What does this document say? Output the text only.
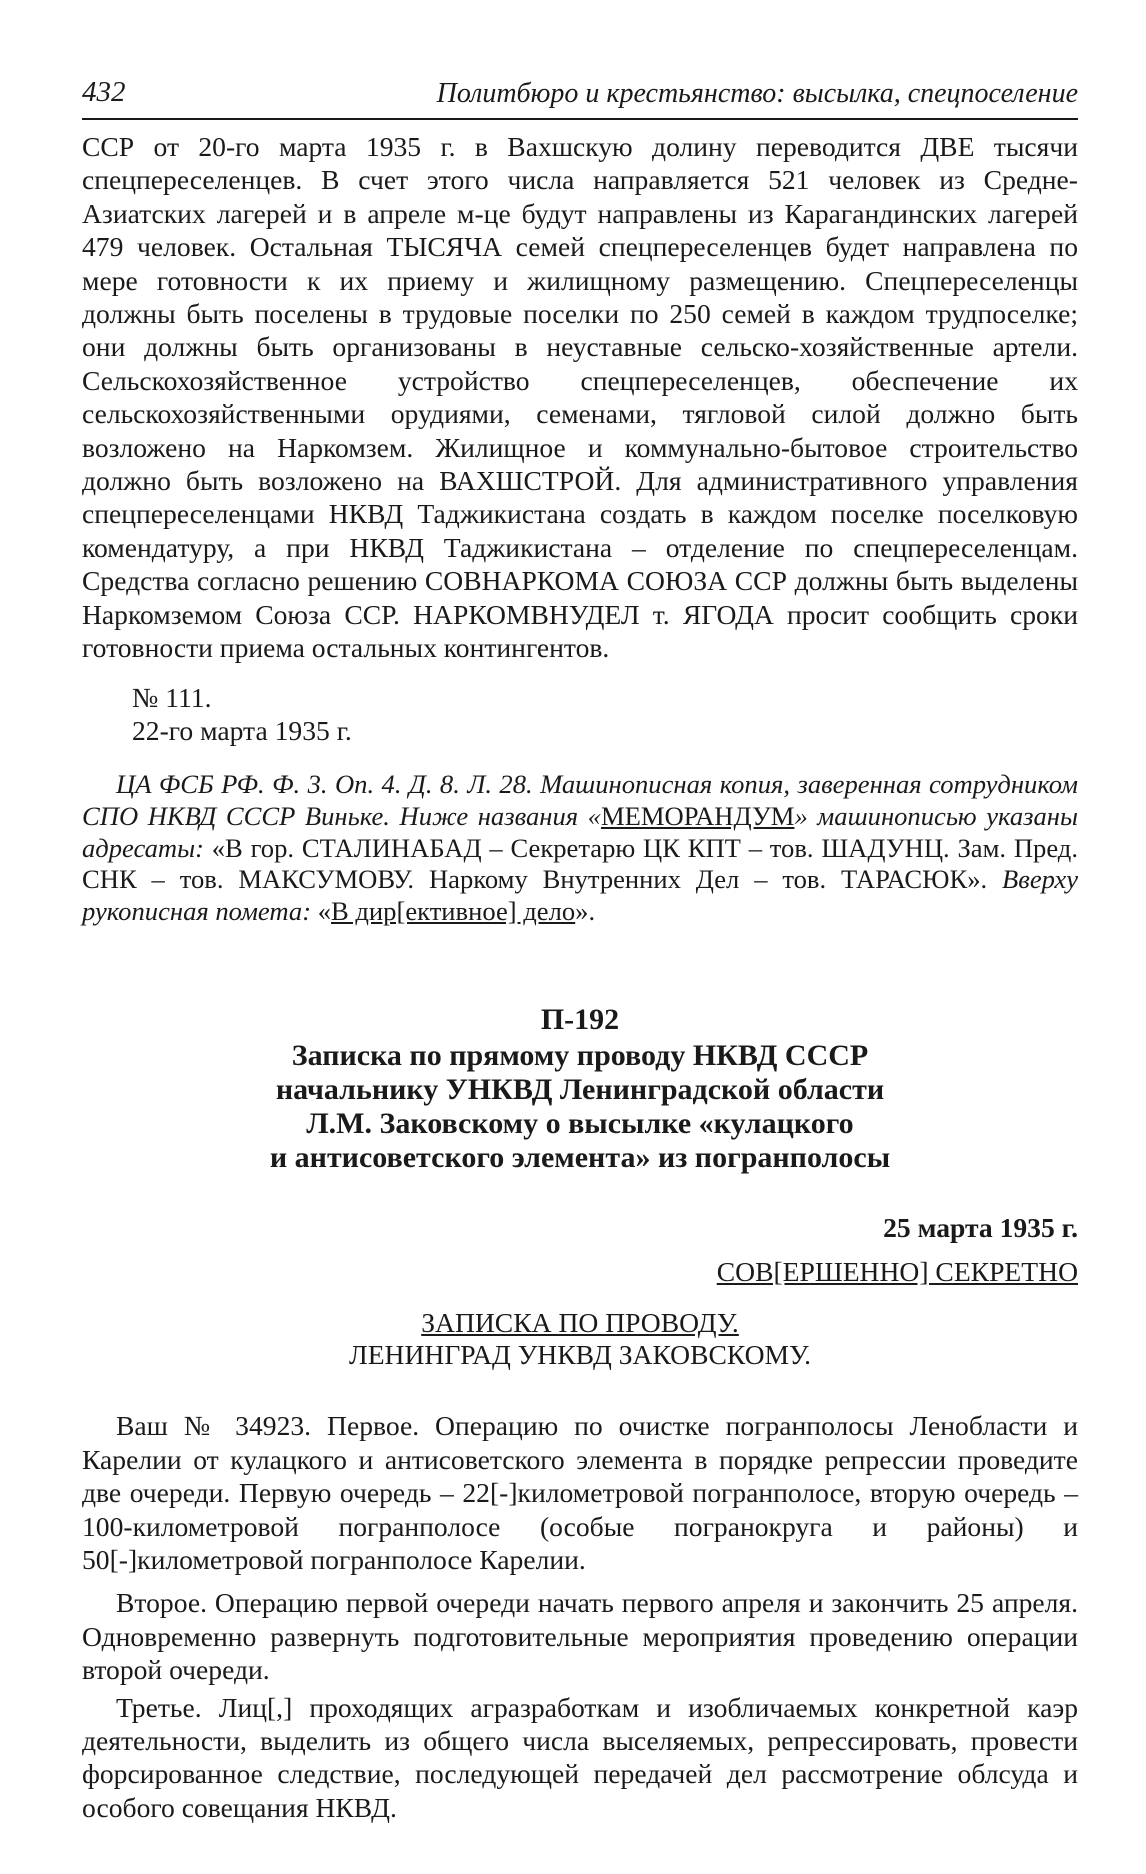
432	Политбюро и крестьянство: высылка, спецпоселение

ССР от 20-го марта 1935 г. в Вахшскую долину переводится ДВЕ тысячи спецпереселенцев. В счет этого числа направляется 521 человек из Средне-Азиатских лагерей и в апреле м-це будут направлены из Карагандинских лагерей 479 человек. Остальная ТЫСЯЧА семей спецпереселенцев будет направлена по мере готовности к их приему и жилищному размещению. Спецпереселенцы должны быть поселены в трудовые поселки по 250 семей в каждом трудпоселке; они должны быть организованы в неуставные сельско-хозяйственные артели. Сельскохозяйственное устройство спецпереселенцев, обеспечение их сельскохозяйственными орудиями, семенами, тягловой силой должно быть возложено на Наркомзем. Жилищное и коммунально-бытовое строительство должно быть возложено на ВАХШСТРОЙ. Для административного управления спецпереселенцами НКВД Таджикистана создать в каждом поселке поселковую комендатуру, а при НКВД Таджикистана – отделение по спецпереселенцам. Средства согласно решению СОВНАРКОМА СОЮЗА ССР должны быть выделены Наркомземом Союза ССР. НАРКОМВНУДЕЛ т. ЯГОДА просит сообщить сроки готовности приема остальных контингентов.

№ 111.

22-го марта 1935 г.

ЦА ФСБ РФ. Ф. 3. Оп. 4. Д. 8. Л. 28. Машинописная копия, заверенная сотрудником СПО НКВД СССР Виньке. Ниже названия «МЕМОРАНДУМ» машинописью указаны адресаты: «В гор. СТАЛИНАБАД – Секретарю ЦК КПТ – тов. ШАДУНЦ. Зам. Пред. СНК – тов. МАКСУМОВУ. Наркому Внутренних Дел – тов. ТАРАСЮК». Вверху рукописная помета: «В дир[ективное] дело».

П-192
Записка по прямому проводу НКВД СССР
начальнику УНКВД Ленинградской области
Л.М. Заковскому о высылке «кулацкого
и антисоветского элемента» из погранполосы
25 марта 1935 г.
СОВ[ЕРШЕННО] СЕКРЕТНО
ЗАПИСКА ПО ПРОВОДУ.
ЛЕНИНГРАД УНКВД ЗАКОВСКОМУ.

Ваш № 34923. Первое. Операцию по очистке погранполосы Ленобласти и Карелии от кулацкого и антисоветского элемента в порядке репрессии проведите две очереди. Первую очередь – 22[-]километровой погранполосе, вторую очередь – 100-километровой погранполосе (особые погранокруга и районы) и 50[-]километровой погранполосе Карелии.

Второе. Операцию первой очереди начать первого апреля и закончить 25 апреля. Одновременно развернуть подготовительные мероприятия проведению операции второй очереди.

Третье. Лиц[,] проходящих агразработкам и изобличаемых конкретной каэр деятельности, выделить из общего числа выселяемых, репрессировать, провести форсированное следствие, последующей передачей дел рассмотрение облсуда и особого совещания НКВД.
